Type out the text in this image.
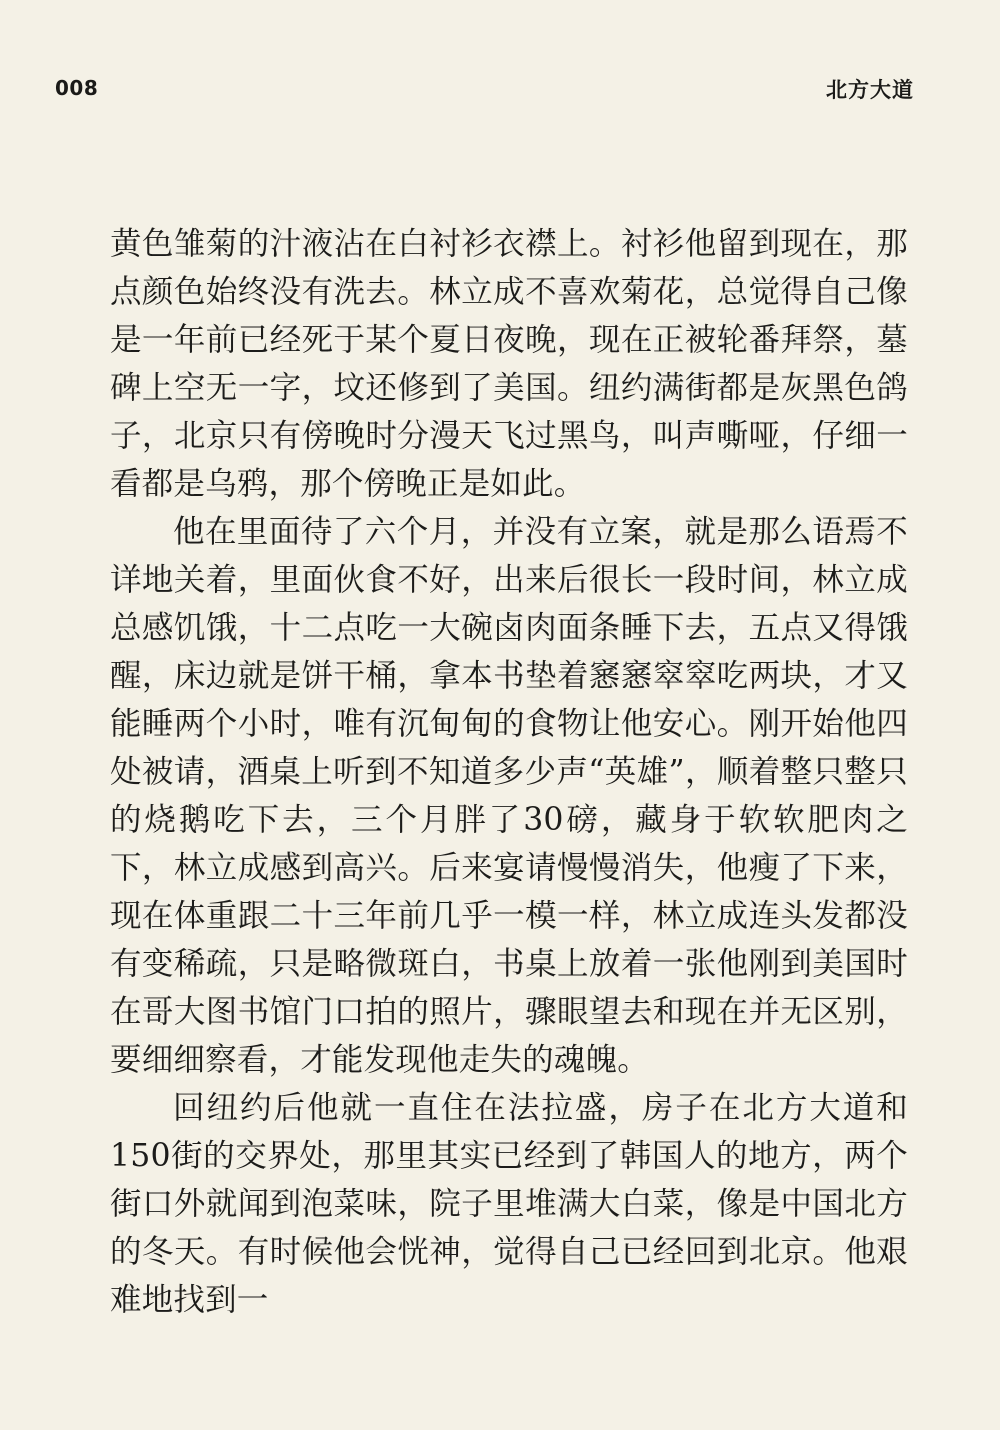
008	北方大道

黄色雏菊的汁液沾在白衬衫衣襟上。衬衫他留到现在，那点颜色始终没有洗去。林立成不喜欢菊花，总觉得自己像是一年前已经死于某个夏日夜晚，现在正被轮番拜祭，墓碑上空无一字，坟还修到了美国。纽约满街都是灰黑色鸽子，北京只有傍晚时分漫天飞过黑鸟，叫声嘶哑，仔细一看都是乌鸦，那个傍晚正是如此。

他在里面待了六个月，并没有立案，就是那么语焉不详地关着，里面伙食不好，出来后很长一段时间，林立成总感饥饿，十二点吃一大碗卤肉面条睡下去，五点又得饿醒，床边就是饼干桶，拿本书垫着窸窸窣窣吃两块，才又能睡两个小时，唯有沉甸甸的食物让他安心。刚开始他四处被请，酒桌上听到不知道多少声“英雄”，顺着整只整只的烧鹅吃下去，三个月胖了30磅，藏身于软软肥肉之下，林立成感到高兴。后来宴请慢慢消失，他瘦了下来，现在体重跟二十三年前几乎一模一样，林立成连头发都没有变稀疏，只是略微斑白，书桌上放着一张他刚到美国时在哥大图书馆门口拍的照片，骤眼望去和现在并无区别，要细细察看，才能发现他走失的魂魄。

回纽约后他就一直住在法拉盛，房子在北方大道和150街的交界处，那里其实已经到了韩国人的地方，两个街口外就闻到泡菜味，院子里堆满大白菜，像是中国北方的冬天。有时候他会恍神，觉得自己已经回到北京。他艰难地找到一
